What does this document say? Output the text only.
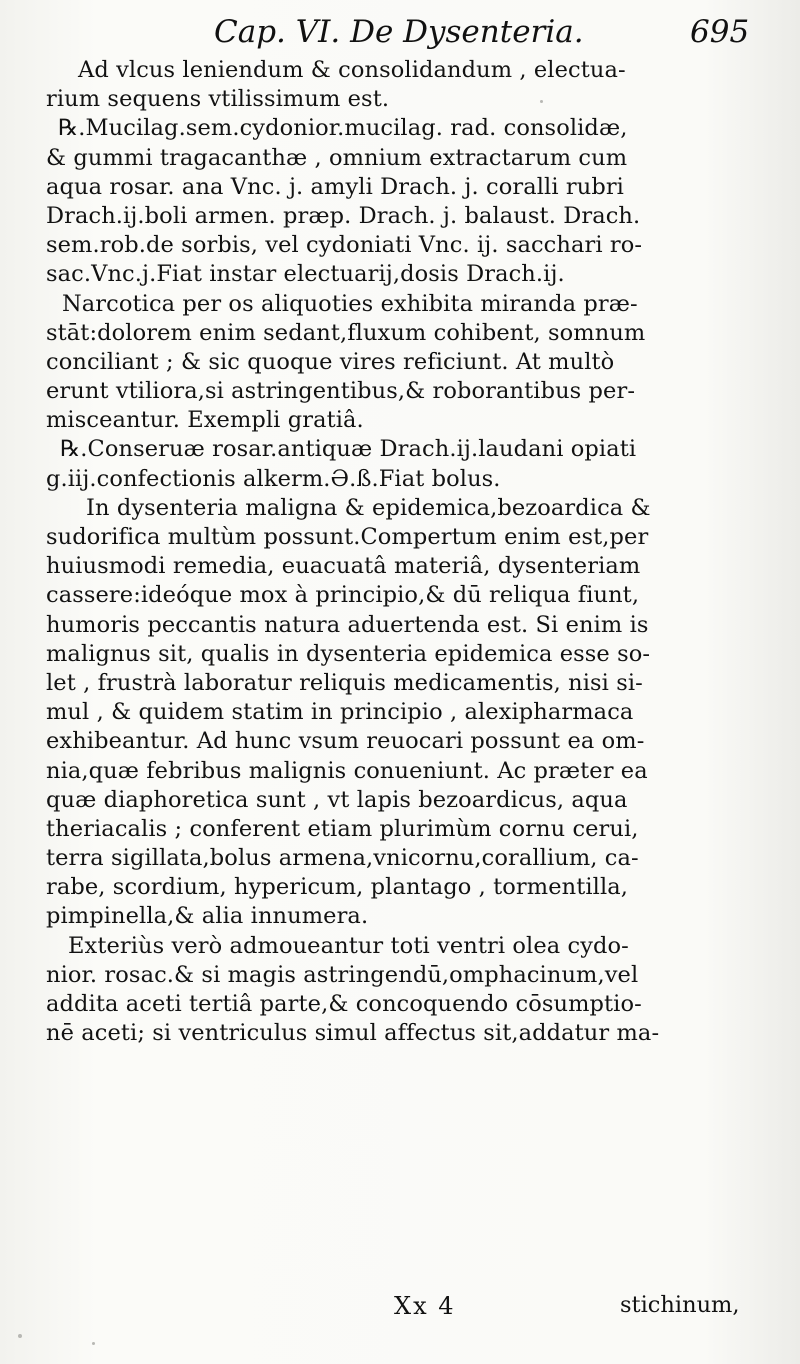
Cap. VI. De Dysenteria.	695
Ad vlcus leniendum & consolidandum , electua-
rium sequens vtilissimum est.
℞.Mucilag.sem.cydonior.mucilag. rad. consolidæ,
& gummi tragacanthæ , omnium extractarum cum
aqua rosar. ana Vnc. j. amyli Drach. j. coralli rubri
Drach.ij.boli armen. præp. Drach. j. balaust. Drach.
sem.rob.de sorbis, vel cydoniati Vnc. ij. sacchari ro-
sac.Vnc.j.Fiat instar electuarij,dosis Drach.ij.
Narcotica per os aliquoties exhibita miranda præ-
stāt:dolorem enim sedant,fluxum cohibent, somnum
conciliant ; & sic quoque vires reficiunt. At multò
erunt vtiliora,si astringentibus,& roborantibus per-
misceantur. Exempli gratiâ.
℞.Conseruæ rosar.antiquæ Drach.ij.laudani opiati
g.iij.confectionis alkerm.Ə.ß.Fiat bolus.
In dysenteria maligna & epidemica,bezoardica &
sudorifica multùm possunt.Compertum enim est,per
huiusmodi remedia, euacuatâ materiâ, dysenteriam
cassere:ideóque mox à principio,& dū reliqua fiunt,
humoris peccantis natura aduertenda est. Si enim is
malignus sit, qualis in dysenteria epidemica esse so-
let , frustrà laboratur reliquis medicamentis, nisi si-
mul , & quidem statim in principio , alexipharmaca
exhibeantur. Ad hunc vsum reuocari possunt ea om-
nia,quæ febribus malignis conueniunt. Ac præter ea
quæ diaphoretica sunt , vt lapis bezoardicus, aqua
theriacalis ; conferent etiam plurimùm cornu cerui,
terra sigillata,bolus armena,vnicornu,corallium, ca-
rabe, scordium, hypericum, plantago , tormentilla,
pimpinella,& alia innumera.
Exteriùs verò admoueantur toti ventri olea cydo-
nior. rosac.& si magis astringendū,omphacinum,vel
addita aceti tertiâ parte,& concoquendo cōsumptio-
nē aceti; si ventriculus simul affectus sit,addatur ma-
Xx 4	stichinum,
